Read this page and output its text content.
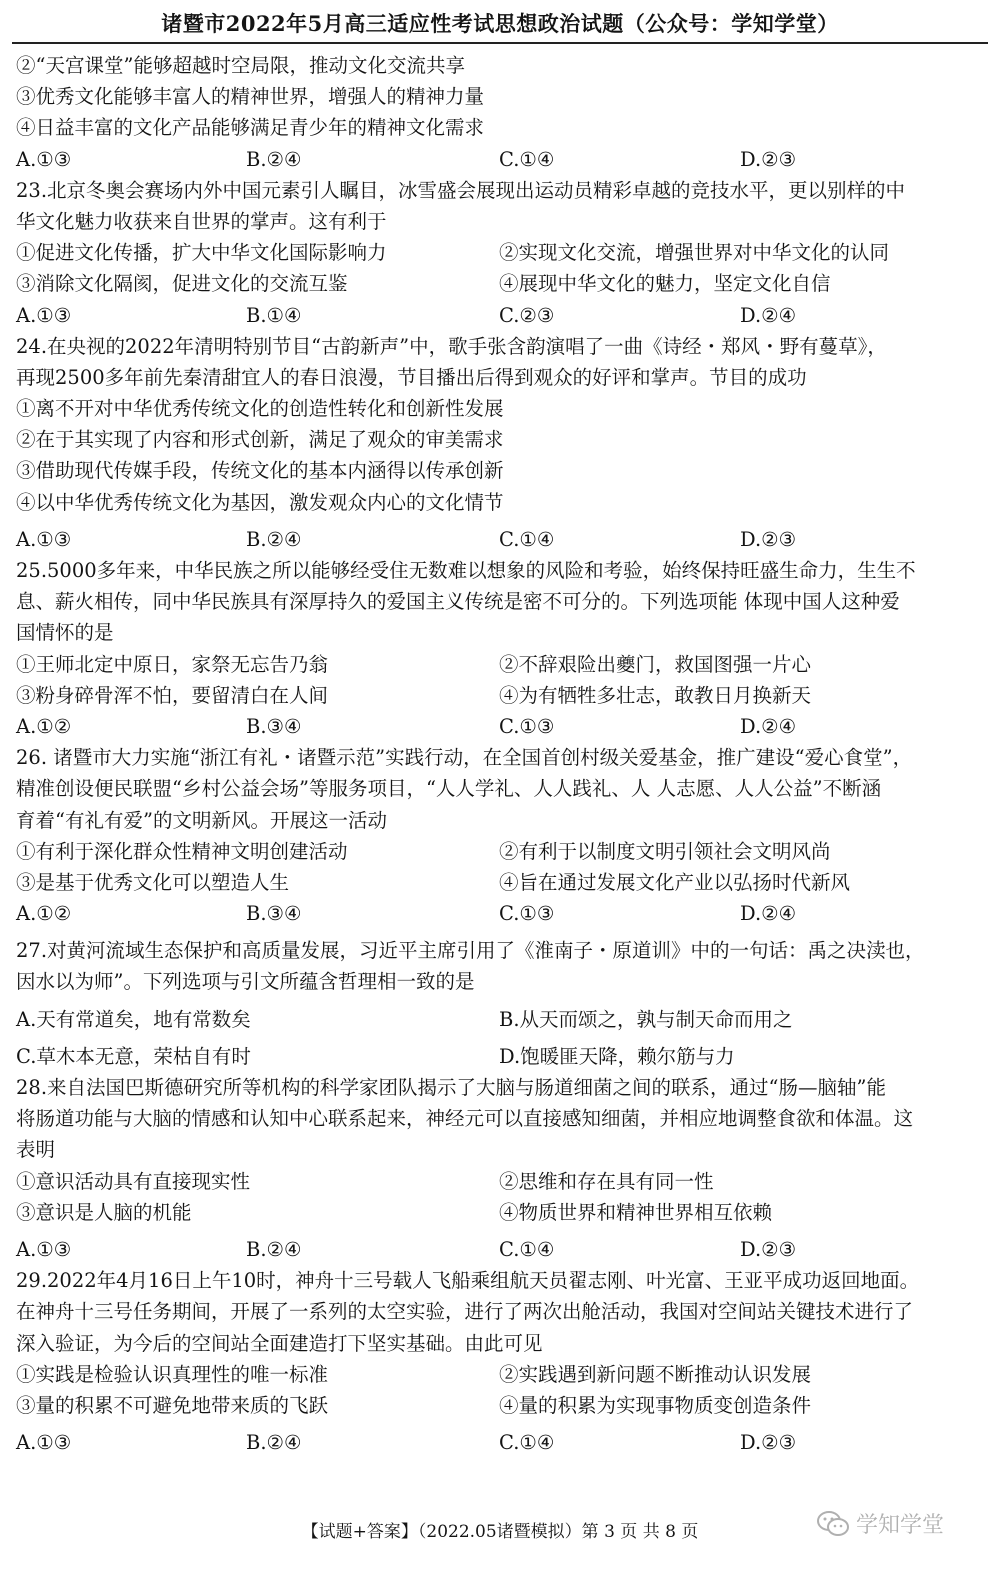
诸暨市2022年5月高三适应性考试思想政治试题（公众号：学知学堂）
②“天宫课堂”能够超越时空局限，推动文化交流共享
③优秀文化能够丰富人的精神世界，增强人的精神力量
④日益丰富的文化产品能够满足青少年的精神文化需求
A.①③	B.②④	C.①④	D.②③
23.北京冬奥会赛场内外中国元素引人瞩目，冰雪盛会展现出运动员精彩卓越的竞技水平，更以别样的中
华文化魅力收获来自世界的掌声。这有利于
①促进文化传播，扩大中华文化国际影响力	②实现文化交流，增强世界对中华文化的认同
③消除文化隔阂，促进文化的交流互鉴	④展现中华文化的魅力，坚定文化自信
A.①③	B.①④	C.②③	D.②④
24.在央视的2022年清明特别节目“古韵新声”中，歌手张含韵演唱了一曲《诗经・郑风・野有蔓草》，
再现2500多年前先秦清甜宜人的春日浪漫，节目播出后得到观众的好评和掌声。节目的成功
①离不开对中华优秀传统文化的创造性转化和创新性发展
②在于其实现了内容和形式创新，满足了观众的审美需求
③借助现代传媒手段，传统文化的基本内涵得以传承创新
④以中华优秀传统文化为基因，激发观众内心的文化情节
A.①③	B.②④	C.①④	D.②③
25.5000多年来，中华民族之所以能够经受住无数难以想象的风险和考验，始终保持旺盛生命力，生生不
息、薪火相传，同中华民族具有深厚持久的爱国主义传统是密不可分的。下列选项能 体现中国人这种爱
国情怀的是
①王师北定中原日，家祭无忘告乃翁	②不辞艰险出夔门，救国图强一片心
③粉身碎骨浑不怕，要留清白在人间	④为有牺牲多壮志，敢教日月换新天
A.①②	B.③④	C.①③	D.②④
26. 诸暨市大力实施“浙江有礼・诸暨示范”实践行动，在全国首创村级关爱基金，推广建设“爱心食堂”，
精准创设便民联盟“乡村公益会场”等服务项目，“人人学礼、人人践礼、人 人志愿、人人公益”不断涵
育着“有礼有爱”的文明新风。开展这一活动
①有利于深化群众性精神文明创建活动	②有利于以制度文明引领社会文明风尚
③是基于优秀文化可以塑造人生	④旨在通过发展文化产业以弘扬时代新风
A.①②	B.③④	C.①③	D.②④
27.对黄河流域生态保护和高质量发展，习近平主席引用了《淮南子・原道训》中的一句话：禹之决渎也，
因水以为师”。下列选项与引文所蕴含哲理相一致的是
A.天有常道矣，地有常数矣	B.从天而颂之，孰与制天命而用之
C.草木本无意，荣枯自有时	D.饱暖匪天降，赖尔筋与力
28.来自法国巴斯德研究所等机构的科学家团队揭示了大脑与肠道细菌之间的联系，通过“肠—脑轴”能
将肠道功能与大脑的情感和认知中心联系起来，神经元可以直接感知细菌，并相应地调整食欲和体温。这
表明
①意识活动具有直接现实性	②思维和存在具有同一性
③意识是人脑的机能	④物质世界和精神世界相互依赖
A.①③	B.②④	C.①④	D.②③
29.2022年4月16日上午10时，神舟十三号载人飞船乘组航天员翟志刚、叶光富、王亚平成功返回地面。
在神舟十三号任务期间，开展了一系列的太空实验，进行了两次出舱活动，我国对空间站关键技术进行了
深入验证，为今后的空间站全面建造打下坚实基础。由此可见
①实践是检验认识真理性的唯一标准	②实践遇到新问题不断推动认识发展
③量的积累不可避免地带来质的飞跃	④量的积累为实现事物质变创造条件
A.①③	B.②④	C.①④	D.②③
【试题+答案】（2022.05诸暨模拟）第 3 页 共 8 页	学知学堂
